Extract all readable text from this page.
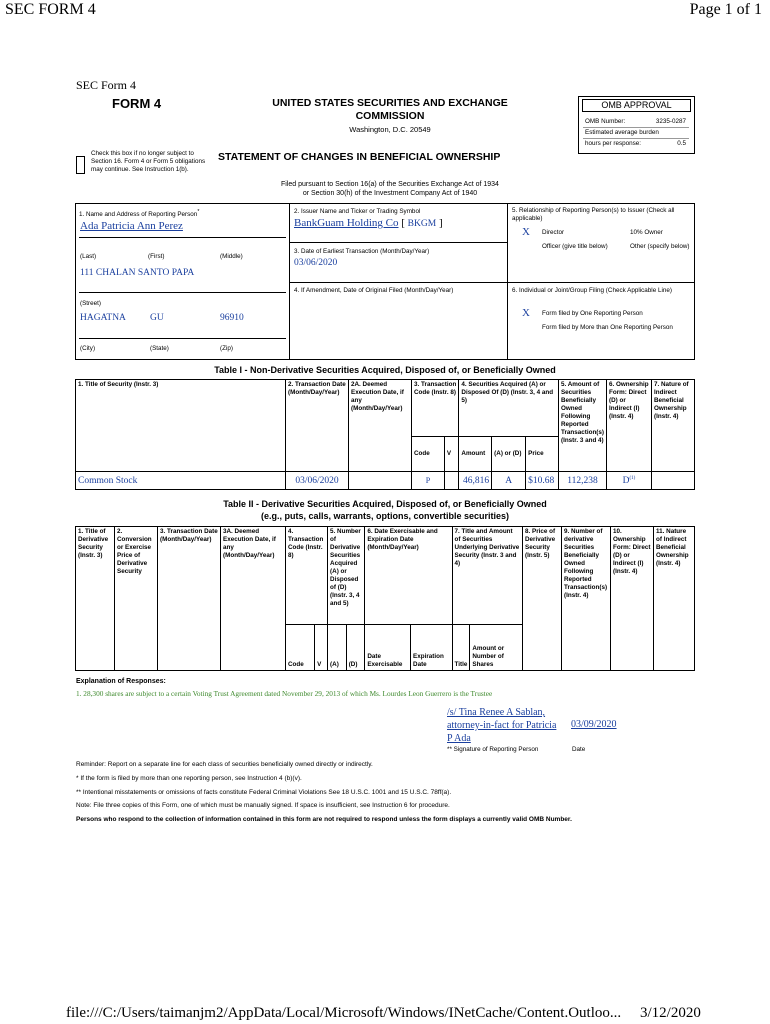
SEC FORM 4	Page 1 of 1
file:///C:/Users/taimanjm2/AppData/Local/Microsoft/Windows/INetCache/Content.Outloo... 3/12/2020
SEC Form 4
FORM 4	UNITED STATES SECURITIES AND EXCHANGE
COMMISSION
Washington, D.C. 20549
Check this box if no longer subject to Section 16. Form 4 or Form 5 obligations may continue. See Instruction 1(b).
STATEMENT OF CHANGES IN BENEFICIAL OWNERSHIP
Filed pursuant to Section 16(a) of the Securities Exchange Act of 1934
or Section 30(h) of the Investment Company Act of 1940
OMB APPROVAL
OMB Number:	3235-0287
Estimated average burden
hours per response:	0.5
1. Name and Address of Reporting Person*
Ada Patricia Ann Perez
(Last)	(First)	(Middle)
111 CHALAN SANTO PAPA
(Street)
HAGATNA	GU	96910
(City)	(State)	(Zip)
2. Issuer Name and Ticker or Trading Symbol
BankGuam Holding Co [ BKGM ]
3. Date of Earliest Transaction (Month/Day/Year)
03/06/2020
4. If Amendment, Date of Original Filed (Month/Day/Year)
5. Relationship of Reporting Person(s) to Issuer (Check all applicable)
X Director	10% Owner
Officer (give title below)	Other (specify below)
6. Individual or Joint/Group Filing (Check Applicable Line)
X Form filed by One Reporting Person
Form filed by More than One Reporting Person
Table I - Non-Derivative Securities Acquired, Disposed of, or Beneficially Owned
1. Title of Security (Instr. 3)	2. Transaction Date (Month/Day/Year)	2A. Deemed Execution Date, if any (Month/Day/Year)	3. Transaction Code (Instr. 8)		4. Securities Acquired (A) or Disposed Of (D) (Instr. 3, 4 and 5)			5. Amount of Securities Beneficially Owned Following Reported Transaction(s) (Instr. 3 and 4)	6. Ownership Form: Direct (D) or Indirect (I) (Instr. 4)	7. Nature of Indirect Beneficial Ownership (Instr. 4)
			Code	V	Amount	(A) or (D)	Price			
Common Stock	03/06/2020		P		46,816	A	$10.68	112,238	$D^{(1)}$	
Table II - Derivative Securities Acquired, Disposed of, or Beneficially Owned
(e.g., puts, calls, warrants, options, convertible securities)
1. Title of Derivative Security (Instr. 3)	2. Conversion or Exercise Price of Derivative Security	3. Transaction Date (Month/Day/Year)	3A. Deemed Execution Date, if any (Month/Day/Year)	4. Transaction Code (Instr. 8)		5. Number of Derivative Securities Acquired (A) or Disposed of (D) (Instr. 3, 4 and 5)		6. Date Exercisable and Expiration Date (Month/Day/Year)		7. Title and Amount of Securities Underlying Derivative Security (Instr. 3 and 4)		8. Price of Derivative Security (Instr. 5)	9. Number of derivative Securities Beneficially Owned Following Reported Transaction(s) (Instr. 4)	10. Ownership Form: Direct (D) or Indirect (I) (Instr. 4)	11. Nature of Indirect Beneficial Ownership (Instr. 4)
				Code	V	(A)	(D)	Date Exercisable	Expiration Date	Title	Amount or Number of Shares				
Explanation of Responses:
1. 28,300 shares are subject to a certain Voting Trust Agreement dated November 29, 2013 of which Ms. Lourdes Leon Guerrero is the Trustee
/s/ Tina Renee A Sablan,
attorney-in-fact for Patricia
P Ada
03/09/2020
** Signature of Reporting Person	Date
Reminder: Report on a separate line for each class of securities beneficially owned directly or indirectly.
* If the form is filed by more than one reporting person, see Instruction 4 (b)(v).
** Intentional misstatements or omissions of facts constitute Federal Criminal Violations See 18 U.S.C. 1001 and 15 U.S.C. 78ff(a).
Note: File three copies of this Form, one of which must be manually signed. If space is insufficient, see Instruction 6 for procedure.
Persons who respond to the collection of information contained in this form are not required to respond unless the form displays a currently valid OMB Number.
